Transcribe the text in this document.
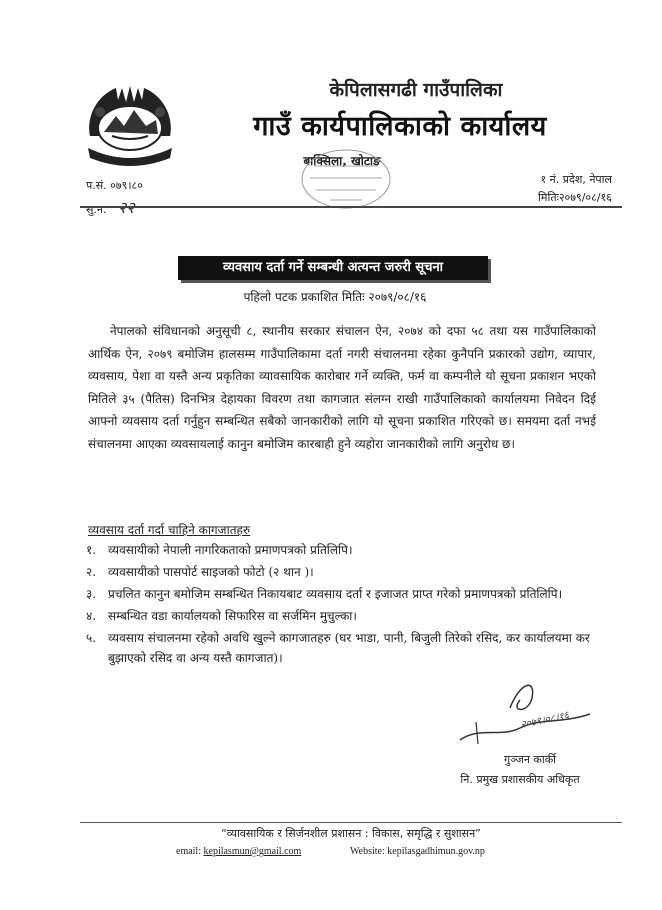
केपिलासगढी गाउँपालिका
गाउँ कार्यपालिकाको कार्यालय
बाक्सिला, खोटाङ
प.सं. ०७९।८०
सु.न. २२
१ नं. प्रदेश, नेपाल
मितिः२०७९/०८/१६
व्यवसाय दर्ता गर्ने सम्बन्धी अत्यन्त जरुरी सूचना
पहिलो पटक प्रकाशित मितिः २०७९/०८/१६
नेपालको संविधानको अनुसूची ८, स्थानीय सरकार संचालन ऐन, २०७४ को दफा ५८ तथा यस गाउँपालिकाको आर्थिक ऐन, २०७९ बमोजिम हालसम्म गाउँपालिकामा दर्ता नगरी संचालनमा रहेका कुनैपनि प्रकारको उद्योग, व्यापार, व्यवसाय, पेशा वा यस्तै अन्य प्रकृतिका व्यावसायिक कारोबार गर्ने व्यक्ति, फर्म वा कम्पनीले यो सूचना प्रकाशन भएको मितिले ३५ (पैतिस) दिनभित्र देहायका विवरण तथा कागजात संलग्न राखी गाउँपालिकाको कार्यालयमा निवेदन दिई आफ्नो व्यवसाय दर्ता गर्नुहुन सम्बन्धित सबैको जानकारीको लागि यो सूचना प्रकाशित गरिएको छ। समयमा दर्ता नभई संचालनमा आएका व्यवसायलाई कानुन बमोजिम कारबाही हुने व्यहोरा जानकारीको लागि अनुरोध छ।
व्यवसाय दर्ता गर्दा चाहिने कागजातहरु
१. व्यवसायीको नेपाली नागरिकताको प्रमाणपत्रको प्रतिलिपि।
२. व्यवसायीको पासपोर्ट साइजको फोटो (२ थान )।
३. प्रचलित कानुन बमोजिम सम्बन्धित निकायबाट व्यवसाय दर्ता र इजाजत प्राप्त गरेको प्रमाणपत्रको प्रतिलिपि।
४. सम्बन्धित वडा कार्यालयको सिफारिस वा सर्जमिन मुचुल्का।
५. व्यवसाय संचालनमा रहेको अवधि खुल्ने कागजातहरु (घर भाडा, पानी, बिजुली तिरेको रसिद, कर कार्यालयमा कर बुझाएको रसिद वा अन्य यस्तै कागजात)।
२०७९।०८।१६
गुञ्जन कार्की
नि. प्रमुख प्रशासकीय अधिकृत
“व्यावसायिक र सिर्जनशील प्रशासन : विकास, समृद्धि र सुशासन”
email: kepilasmun@gmail.com	Website: kepilasgadhimun.gov.np
